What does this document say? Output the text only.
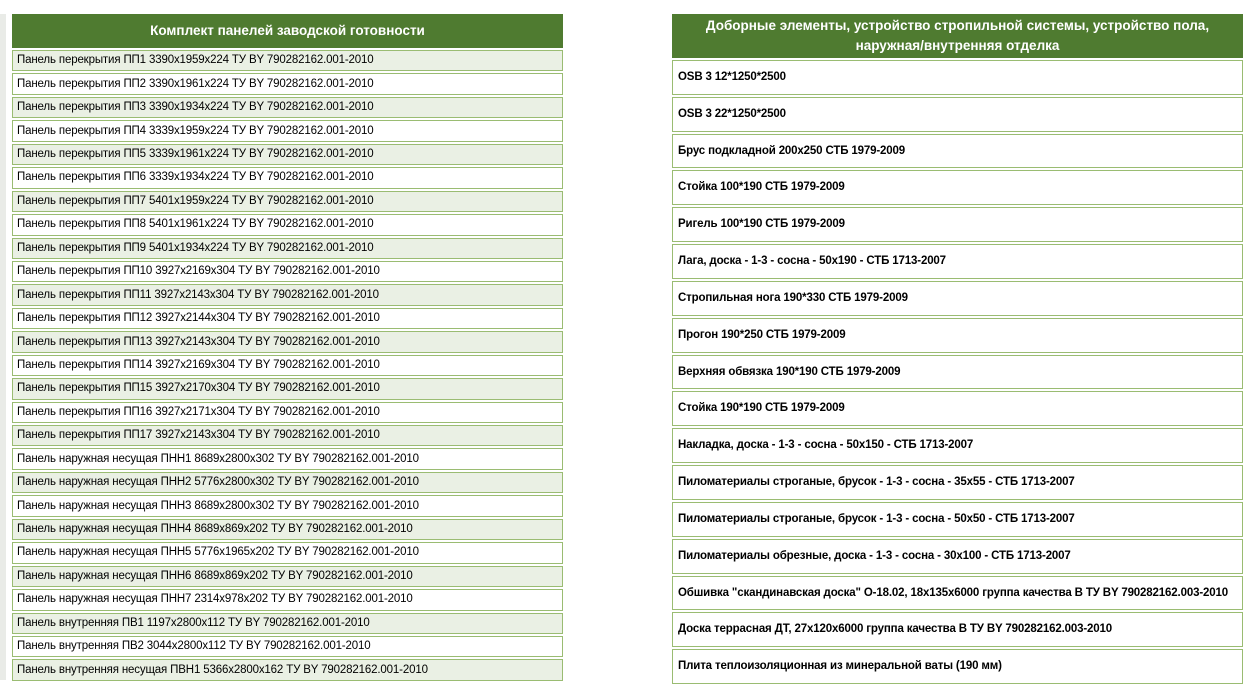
Комплект панелей заводской готовности
Панель перекрытия ПП1 3390х1959х224 ТУ BY 790282162.001-2010
Панель перекрытия ПП2 3390х1961х224 ТУ BY 790282162.001-2010
Панель перекрытия ПП3 3390х1934х224 ТУ BY 790282162.001-2010
Панель перекрытия ПП4 3339х1959х224 ТУ BY 790282162.001-2010
Панель перекрытия ПП5 3339х1961х224 ТУ BY 790282162.001-2010
Панель перекрытия ПП6 3339х1934х224 ТУ BY 790282162.001-2010
Панель перекрытия ПП7 5401х1959х224 ТУ BY 790282162.001-2010
Панель перекрытия ПП8 5401х1961х224 ТУ BY 790282162.001-2010
Панель перекрытия ПП9 5401х1934х224 ТУ BY 790282162.001-2010
Панель перекрытия ПП10 3927х2169х304 ТУ BY 790282162.001-2010
Панель перекрытия ПП11 3927х2143х304 ТУ BY 790282162.001-2010
Панель перекрытия ПП12 3927х2144х304 ТУ BY 790282162.001-2010
Панель перекрытия ПП13 3927х2143х304 ТУ BY 790282162.001-2010
Панель перекрытия ПП14 3927х2169х304 ТУ BY 790282162.001-2010
Панель перекрытия ПП15 3927х2170х304 ТУ BY 790282162.001-2010
Панель перекрытия ПП16 3927х2171х304 ТУ BY 790282162.001-2010
Панель перекрытия ПП17 3927х2143х304 ТУ BY 790282162.001-2010
Панель наружная несущая ПНН1 8689х2800х302 ТУ BY 790282162.001-2010
Панель наружная несущая ПНН2 5776х2800х302 ТУ BY 790282162.001-2010
Панель наружная несущая ПНН3 8689х2800х302 ТУ BY 790282162.001-2010
Панель наружная несущая ПНН4 8689х869х202 ТУ BY 790282162.001-2010
Панель наружная несущая ПНН5 5776х1965х202 ТУ BY 790282162.001-2010
Панель наружная несущая ПНН6 8689х869х202 ТУ BY 790282162.001-2010
Панель наружная несущая ПНН7 2314х978х202 ТУ BY 790282162.001-2010
Панель внутренняя ПВ1 1197х2800х112 ТУ BY 790282162.001-2010
Панель внутренняя ПВ2 3044х2800х112 ТУ BY 790282162.001-2010
Панель внутренняя несущая ПВН1 5366х2800х162 ТУ BY 790282162.001-2010
Доборные элементы, устройство стропильной системы, устройство пола, наружная/внутренняя отделка
OSB 3 12*1250*2500
OSB 3 22*1250*2500
Брус подкладной 200х250 СТБ 1979-2009
Стойка 100*190 СТБ 1979-2009
Ригель 100*190 СТБ 1979-2009
Лага, доска - 1-3 - сосна - 50х190 - СТБ 1713-2007
Стропильная нога 190*330 СТБ 1979-2009
Прогон 190*250 СТБ 1979-2009
Верхняя обвязка 190*190 СТБ 1979-2009
Стойка 190*190 СТБ 1979-2009
Накладка, доска - 1-3 - сосна - 50х150 - СТБ 1713-2007
Пиломатериалы строганые, брусок - 1-3 - сосна - 35х55 - СТБ 1713-2007
Пиломатериалы строганые, брусок - 1-3 - сосна - 50х50 - СТБ 1713-2007
Пиломатериалы обрезные, доска - 1-3 - сосна - 30х100 - СТБ 1713-2007
Обшивка "скандинавская доска" О-18.02, 18х135х6000 группа качества В ТУ BY 790282162.003-2010
Доска террасная ДТ, 27х120х6000 группа качества В ТУ BY 790282162.003-2010
Плита теплоизоляционная из минеральной ваты (190 мм)
